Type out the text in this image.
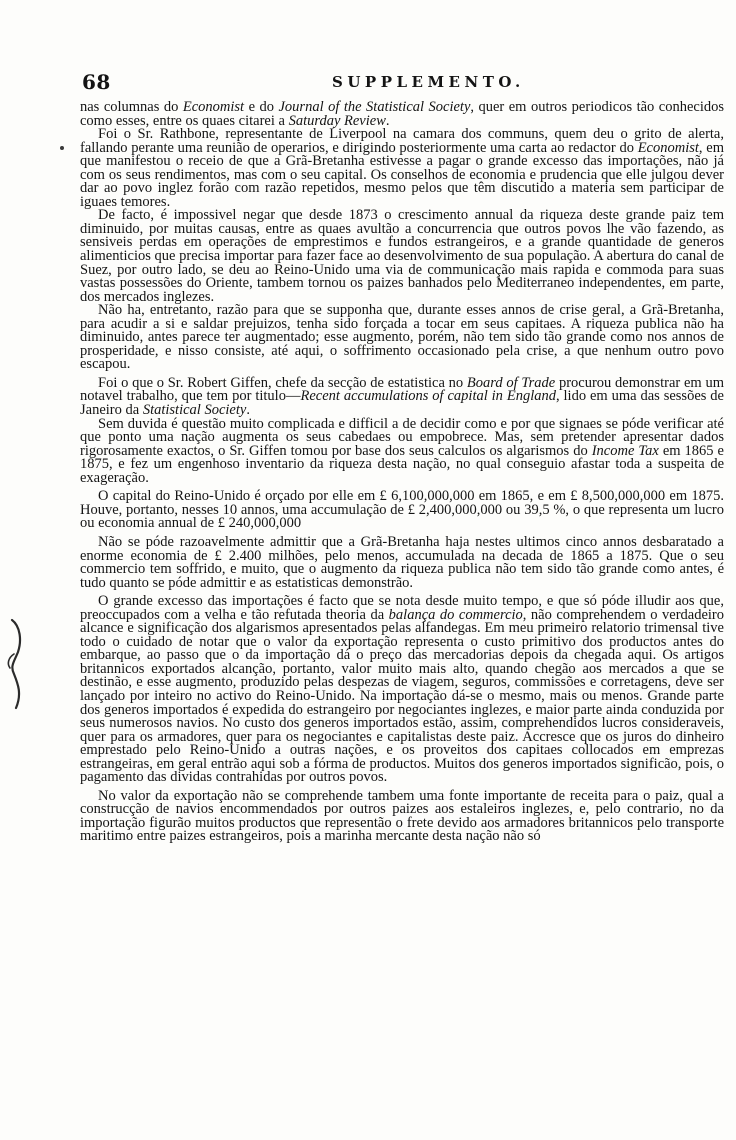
68	SUPPLEMENTO.

nas columnas do Economist e do Journal of the Statistical Society, quer em outros periodicos tão conhecidos como esses, entre os quaes citarei a Saturday Review.

Foi o Sr. Rathbone, representante de Liverpool na camara dos communs, quem deu o grito de alerta, fallando perante uma reunião de operarios, e dirigindo posteriormente uma carta ao redactor do Economist, em que manifestou o receio de que a Grã-Bretanha estivesse a pagar o grande excesso das importações, não já com os seus rendimentos, mas com o seu capital. Os conselhos de economia e prudencia que elle julgou dever dar ao povo inglez forão com razão repetidos, mesmo pelos que têm discutido a materia sem participar de iguaes temores.

De facto, é impossivel negar que desde 1873 o crescimento annual da riqueza deste grande paiz tem diminuido, por muitas causas, entre as quaes avultão a concurrencia que outros povos lhe vão fazendo, as sensiveis perdas em operações de emprestimos e fundos estrangeiros, e a grande quantidade de generos alimenticios que precisa importar para fazer face ao desenvolvimento de sua população. A abertura do canal de Suez, por outro lado, se deu ao Reino-Unido uma via de communicação mais rapida e commoda para suas vastas possessões do Oriente, tambem tornou os paizes banhados pelo Mediterraneo independentes, em parte, dos mercados inglezes.

Não ha, entretanto, razão para que se supponha que, durante esses annos de crise geral, a Grã-Bretanha, para acudir a si e saldar prejuizos, tenha sido forçada a tocar em seus capitaes. A riqueza publica não ha diminuido, antes parece ter augmentado; esse augmento, porém, não tem sido tão grande como nos annos de prosperidade, e nisso consiste, até aqui, o soffrimento occasionado pela crise, a que nenhum outro povo escapou.

Foi o que o Sr. Robert Giffen, chefe da secção de estatistica no Board of Trade procurou demonstrar em um notavel trabalho, que tem por titulo—Recent accumulations of capital in England, lido em uma das sessões de Janeiro da Statistical Society.

Sem duvida é questão muito complicada e difficil a de decidir como e por que signaes se póde verificar até que ponto uma nação augmenta os seus cabedaes ou empobrece. Mas, sem pretender apresentar dados rigorosamente exactos, o Sr. Giffen tomou por base dos seus calculos os algarismos do Income Tax em 1865 e 1875, e fez um engenhoso inventario da riqueza desta nação, no qual conseguio afastar toda a suspeita de exageração.

O capital do Reino-Unido é orçado por elle em £ 6,100,000,000 em 1865, e em £ 8,500,000,000 em 1875. Houve, portanto, nesses 10 annos, uma accumulação de £ 2,400,000,000 ou 39,5 %, o que representa um lucro ou economia annual de £ 240,000,000

Não se póde razoavelmente admittir que a Grã-Bretanha haja nestes ultimos cinco annos desbaratado a enorme economia de £ 2.400 milhões, pelo menos, accumulada na decada de 1865 a 1875. Que o seu commercio tem soffrido, e muito, que o augmento da riqueza publica não tem sido tão grande como antes, é tudo quanto se póde admittir e as estatisticas demonstrão.

O grande excesso das importações é facto que se nota desde muito tempo, e que só póde illudir aos que, preoccupados com a velha e tão refutada theoria da balança do commercio, não comprehendem o verdadeiro alcance e significação dos algarismos apresentados pelas alfandegas. Em meu primeiro relatorio trimensal tive todo o cuidado de notar que o valor da exportação representa o custo primitivo dos productos antes do embarque, ao passo que o da importação dá o preço das mercadorias depois da chegada aqui. Os artigos britannicos exportados alcanção, portanto, valor muito mais alto, quando chegão aos mercados a que se destinão, e esse augmento, produzido pelas despezas de viagem, seguros, commissões e corretagens, deve ser lançado por inteiro no activo do Reino-Unido. Na importação dá-se o mesmo, mais ou menos. Grande parte dos generos importados é expedida do estrangeiro por negociantes inglezes, e maior parte ainda conduzida por seus numerosos navios. No custo dos generos importados estão, assim, comprehendidos lucros consideraveis, quer para os armadores, quer para os negociantes e capitalistas deste paiz. Accresce que os juros do dinheiro emprestado pelo Reino-Unido a outras nações, e os proveitos dos capitaes collocados em emprezas estrangeiras, em geral entrão aqui sob a fórma de productos. Muitos dos generos importados significão, pois, o pagamento das dividas contrahidas por outros povos.

No valor da exportação não se comprehende tambem uma fonte importante de receita para o paiz, qual a construcção de navios encommendados por outros paizes aos estaleiros inglezes, e, pelo contrario, no da importação figurão muitos productos que representão o frete devido aos armadores britannicos pelo transporte maritimo entre paizes estrangeiros, pois a marinha mercante desta nação não só
